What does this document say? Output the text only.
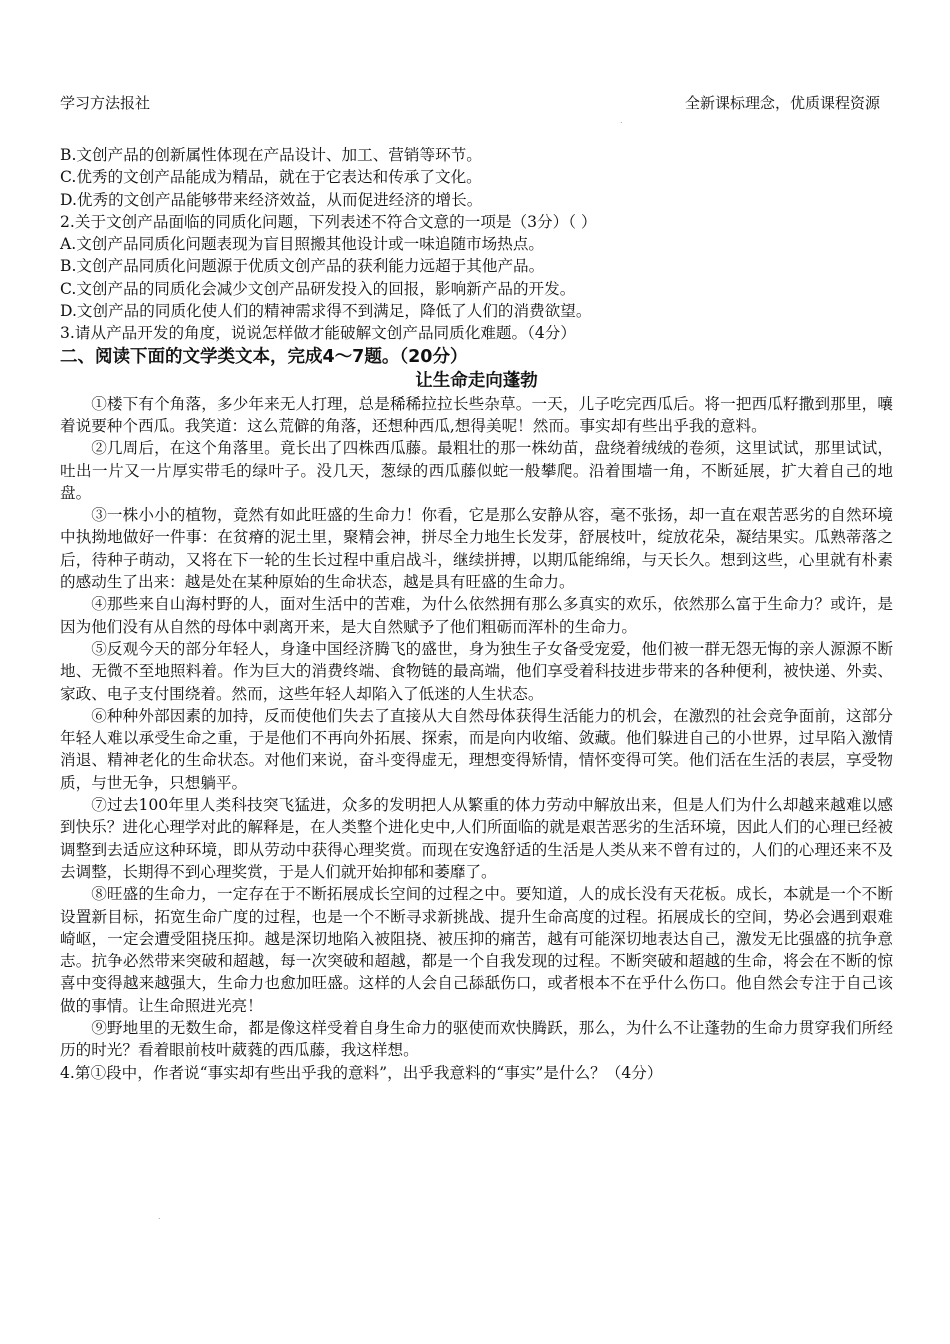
学习方法报社	全新课标理念，优质课程资源

B.文创产品的创新属性体现在产品设计、加工、营销等环节。

C.优秀的文创产品能成为精品，就在于它表达和传承了文化。

D.优秀的文创产品能够带来经济效益，从而促进经济的增长。

2.关于文创产品面临的同质化问题，下列表述不符合文意的一项是（3分）（ ）

A.文创产品同质化问题表现为盲目照搬其他设计或一味追随市场热点。

B.文创产品同质化问题源于优质文创产品的获利能力远超于其他产品。

C.文创产品的同质化会减少文创产品研发投入的回报，影响新产品的开发。

D.文创产品的同质化使人们的精神需求得不到满足，降低了人们的消费欲望。

3.请从产品开发的角度，说说怎样做才能破解文创产品同质化难题。（4分）

二、阅读下面的文学类文本，完成4～7题。（20分）

让生命走向蓬勃

①楼下有个角落，多少年来无人打理，总是稀稀拉拉长些杂草。一天，儿子吃完西瓜后。将一把西瓜籽撒到那里，嚷着说要种个西瓜。我笑道：这么荒僻的角落，还想种西瓜,想得美呢！然而。事实却有些出乎我的意料。

②几周后，在这个角落里。竟长出了四株西瓜藤。最粗壮的那一株幼苗，盘绕着绒绒的卷须，这里试试，那里试试，吐出一片又一片厚实带毛的绿叶子。没几天，葱绿的西瓜藤似蛇一般攀爬。沿着围墙一角，不断延展，扩大着自己的地盘。

③一株小小的植物，竟然有如此旺盛的生命力！你看，它是那么安静从容，毫不张扬，却一直在艰苦恶劣的自然环境中执拗地做好一件事：在贫瘠的泥土里，聚精会神，拼尽全力地生长发芽，舒展枝叶，绽放花朵，凝结果实。瓜熟蒂落之后，待种子萌动，又将在下一轮的生长过程中重启战斗，继续拼搏，以期瓜能绵绵，与天长久。想到这些，心里就有朴素的感动生了出来：越是处在某种原始的生命状态，越是具有旺盛的生命力。

④那些来自山海村野的人，面对生活中的苦难，为什么依然拥有那么多真实的欢乐，依然那么富于生命力？或许，是因为他们没有从自然的母体中剥离开来，是大自然赋予了他们粗砺而浑朴的生命力。

⑤反观今天的部分年轻人，身逢中国经济腾飞的盛世，身为独生子女备受宠爱，他们被一群无怨无悔的亲人源源不断地、无微不至地照料着。作为巨大的消费终端、食物链的最高端，他们享受着科技进步带来的各种便利，被快递、外卖、家政、电子支付围绕着。然而，这些年轻人却陷入了低迷的人生状态。

⑥种种外部因素的加持，反而使他们失去了直接从大自然母体获得生活能力的机会，在激烈的社会竞争面前，这部分年轻人难以承受生命之重，于是他们不再向外拓展、探索，而是向内收缩、敛藏。他们躲进自己的小世界，过早陷入激情消退、精神老化的生命状态。对他们来说，奋斗变得虚无，理想变得矫情，情怀变得可笑。他们活在生活的表层，享受物质，与世无争，只想躺平。

⑦过去100年里人类科技突飞猛进，众多的发明把人从繁重的体力劳动中解放出来，但是人们为什么却越来越难以感到快乐？进化心理学对此的解释是，在人类整个进化史中,人们所面临的就是艰苦恶劣的生活环境，因此人们的心理已经被调整到去适应这种环境，即从劳动中获得心理奖赏。而现在安逸舒适的生活是人类从来不曾有过的，人们的心理还来不及去调整，长期得不到心理奖赏，于是人们就开始抑郁和萎靡了。

⑧旺盛的生命力，一定存在于不断拓展成长空间的过程之中。要知道，人的成长没有天花板。成长，本就是一个不断设置新目标，拓宽生命广度的过程，也是一个不断寻求新挑战、提升生命高度的过程。拓展成长的空间，势必会遇到艰难崎岖，一定会遭受阻挠压抑。越是深切地陷入被阻挠、被压抑的痛苦，越有可能深切地表达自己，激发无比强盛的抗争意志。抗争必然带来突破和超越，每一次突破和超越，都是一个自我发现的过程。不断突破和超越的生命，将会在不断的惊喜中变得越来越强大，生命力也愈加旺盛。这样的人会自己舔舐伤口，或者根本不在乎什么伤口。他自然会专注于自己该做的事情。让生命照进光亮！

⑨野地里的无数生命，都是像这样受着自身生命力的驱使而欢快腾跃，那么，为什么不让蓬勃的生命力贯穿我们所经历的时光？看着眼前枝叶葳蕤的西瓜藤，我这样想。

4.第①段中，作者说“事实却有些出乎我的意料”，出乎我意料的“事实”是什么？（4分）

.
.
